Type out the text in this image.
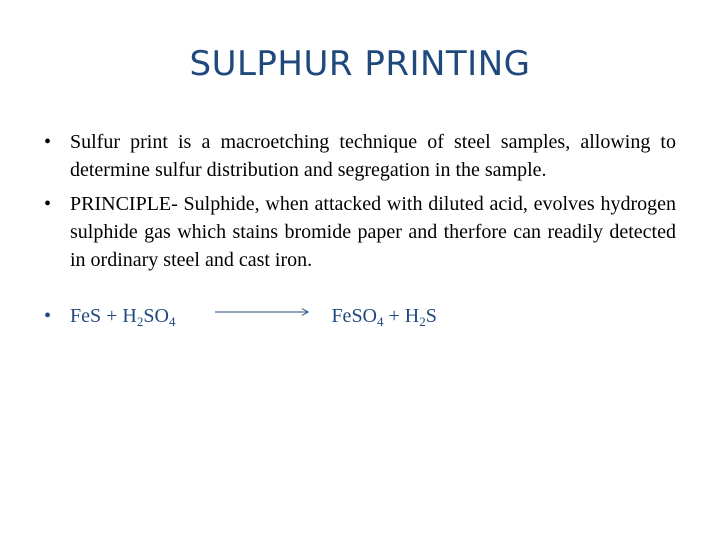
SULPHUR PRINTING
• Sulfur print is a macroetching technique of steel samples, allowing to determine sulfur distribution and segregation in the sample.
• PRINCIPLE- Sulphide, when attacked with diluted acid, evolves hydrogen sulphide gas which stains bromide paper and therfore can readily detected in ordinary steel and cast iron.
• FeS + $H_2SO_4$	FeSO$_4$ + $H_2S$
